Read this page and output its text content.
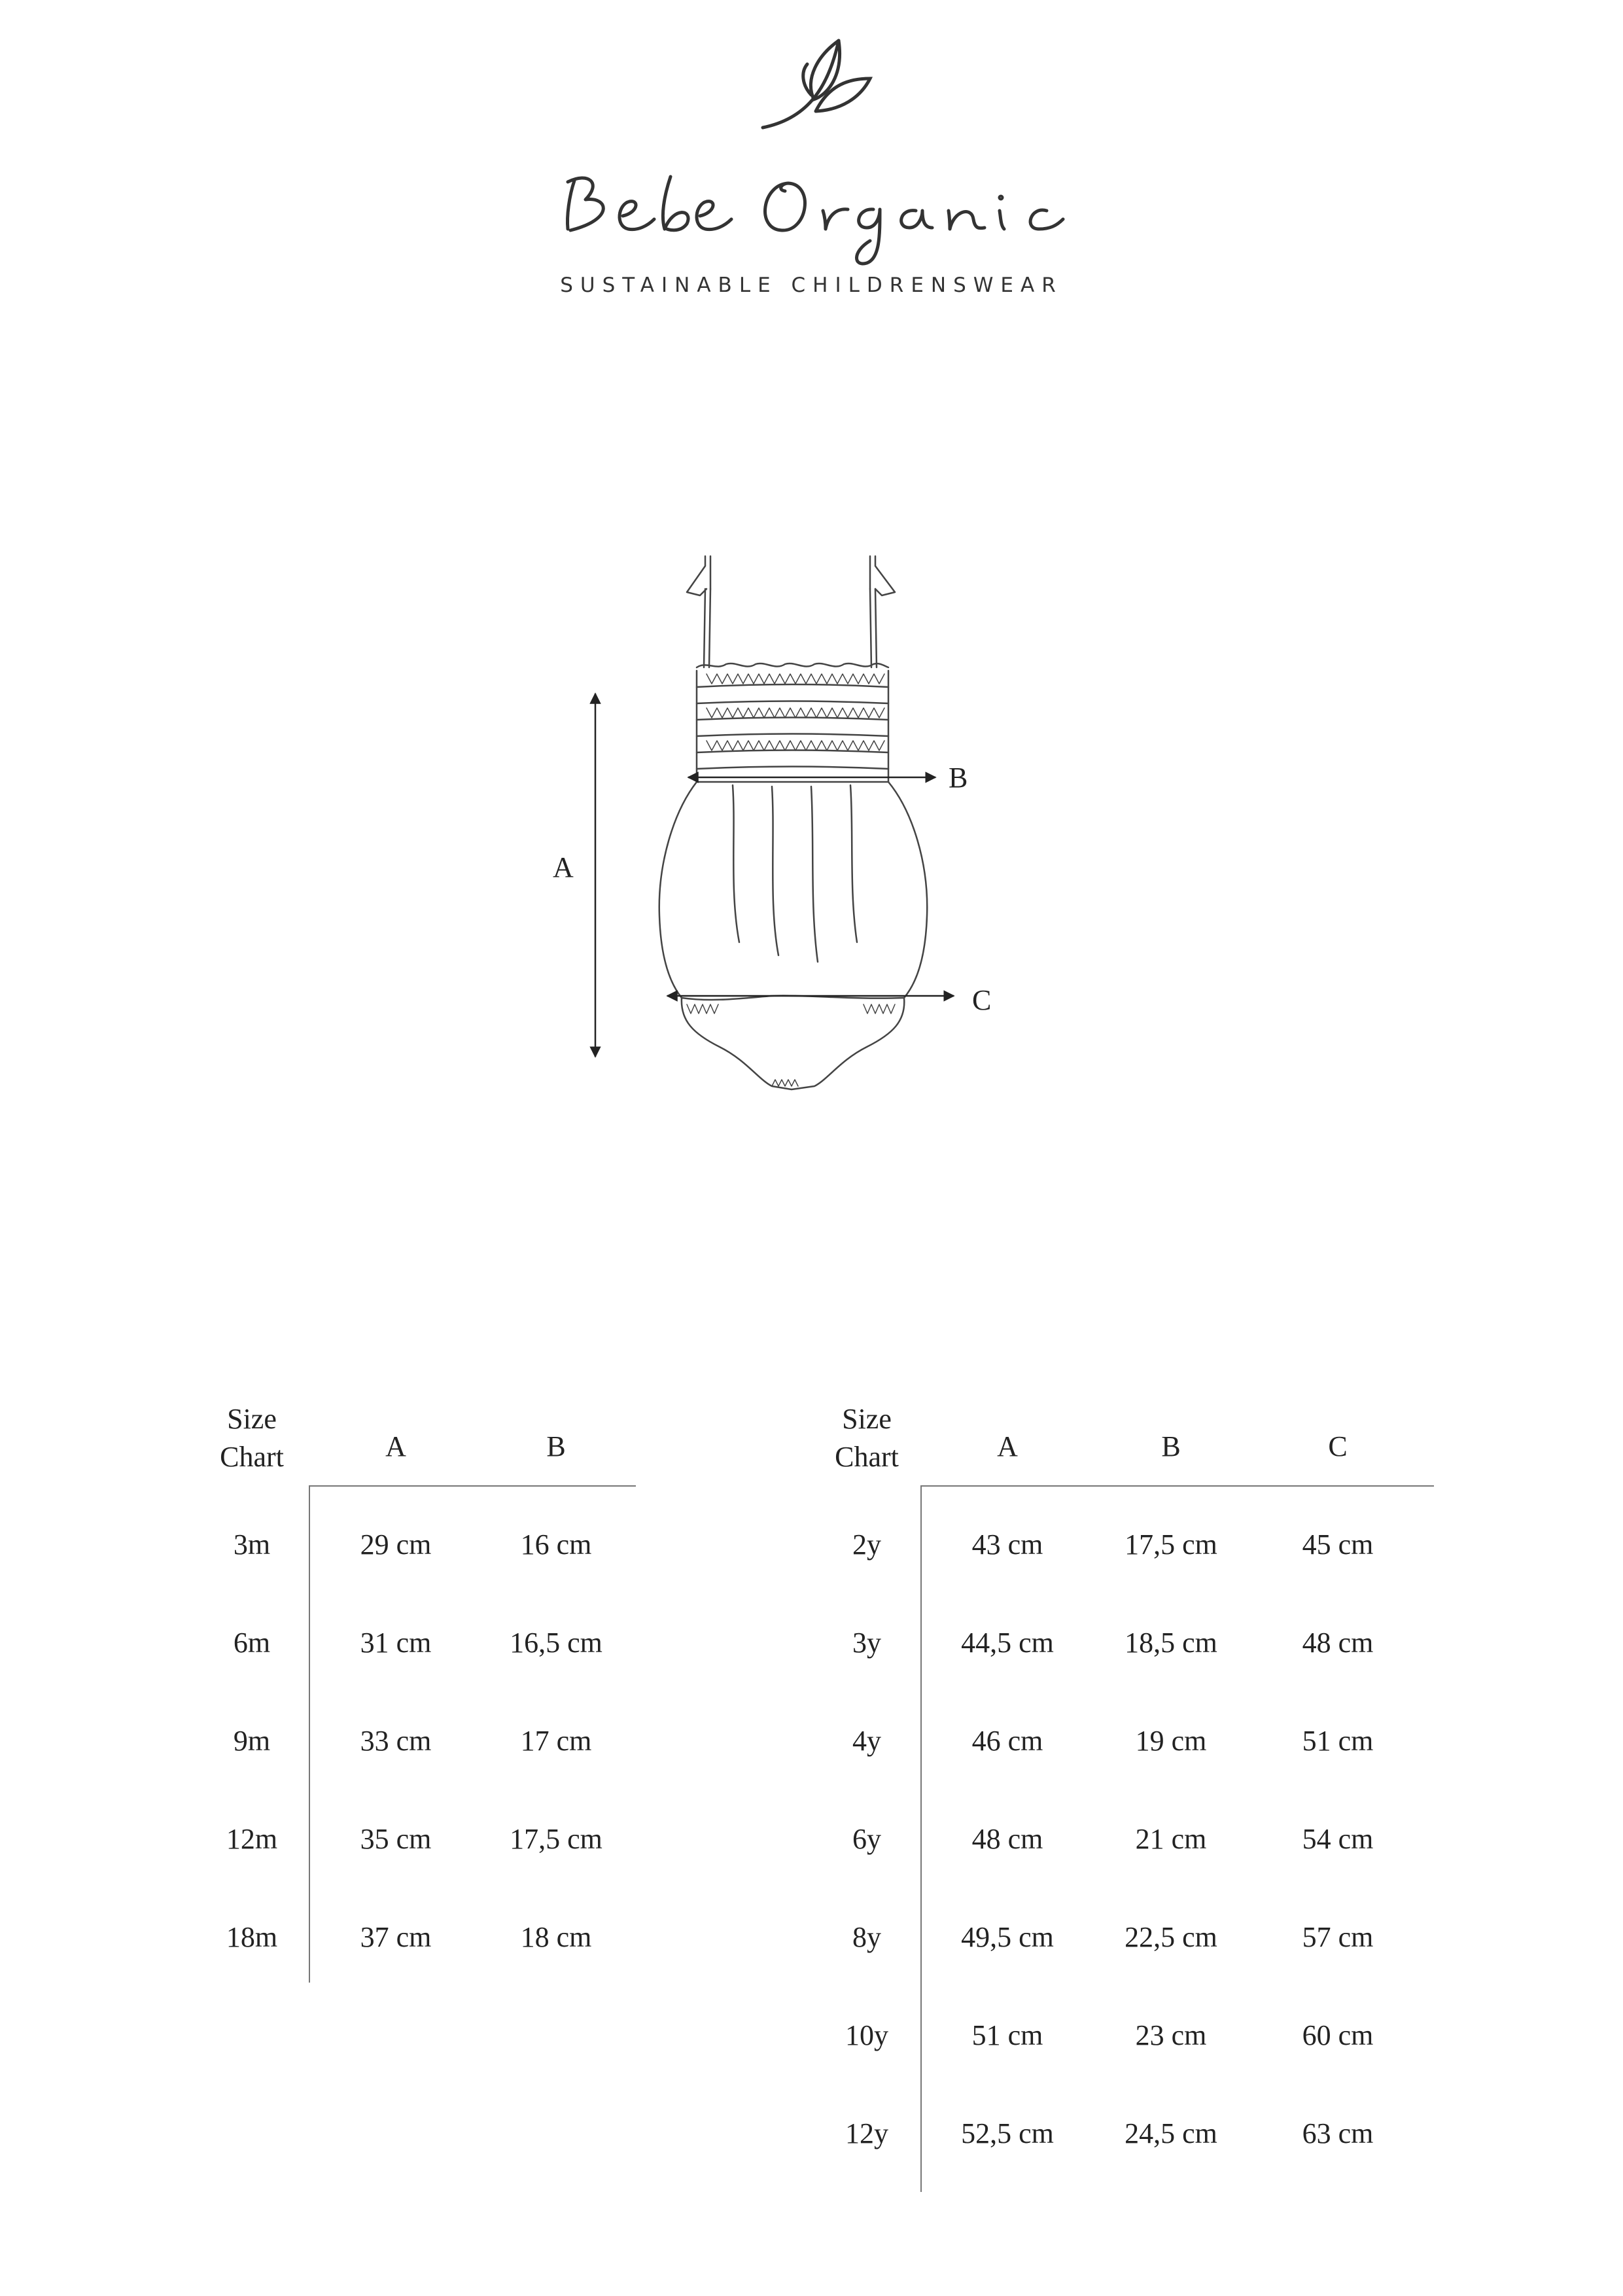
SUSTAINABLE CHILDRENSWEAR
A
B
C
Size
Chart	A	B
3m	29 cm	16 cm
6m	31 cm	16,5 cm
9m	33 cm	17 cm
12m	35 cm	17,5 cm
18m	37 cm	18 cm
Size
Chart	A	B	C
2y	43 cm	17,5 cm	45 cm
3y	44,5 cm	18,5 cm	48 cm
4y	46 cm	19 cm	51 cm
6y	48 cm	21 cm	54 cm
8y	49,5 cm	22,5 cm	57 cm
10y	51 cm	23 cm	60 cm
12y	52,5 cm	24,5 cm	63 cm
